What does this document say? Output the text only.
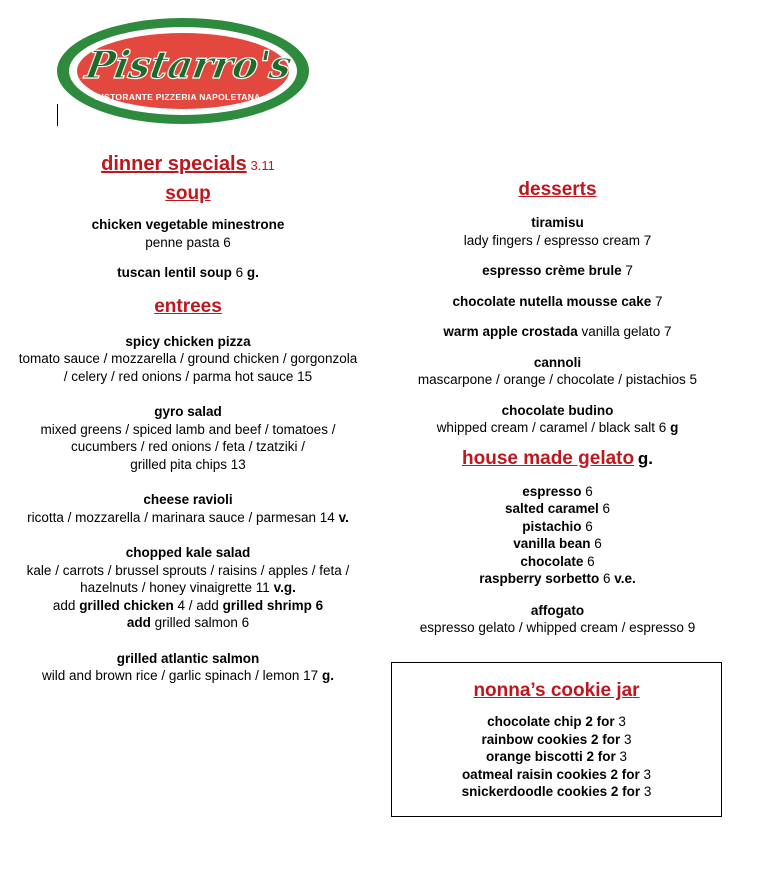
Pistarro's
RISTORANTE PIZZERIA NAPOLETANA
dinner specials 3.11
soup
chicken vegetable minestrone
penne pasta 6
tuscan lentil soup 6 g.
entrees
spicy chicken pizza
tomato sauce / mozzarella / ground chicken / gorgonzola
/ celery / red onions / parma hot sauce 15
gyro salad
mixed greens / spiced lamb and beef / tomatoes /
cucumbers / red onions / feta / tzatziki /
grilled pita chips 13
cheese ravioli
ricotta / mozzarella / marinara sauce / parmesan 14 v.
chopped kale salad
kale / carrots / brussel sprouts / raisins / apples / feta /
hazelnuts / honey vinaigrette 11 v.g.
add grilled chicken 4 / add grilled shrimp 6
add grilled salmon 6
grilled atlantic salmon
wild and brown rice / garlic spinach / lemon 17 g.
desserts
tiramisu
lady fingers / espresso cream 7
espresso crème brule 7
chocolate nutella mousse cake 7
warm apple crostada vanilla gelato 7
cannoli
mascarpone / orange / chocolate / pistachios 5
chocolate budino
whipped cream / caramel / black salt 6 g
house made gelato g.
espresso 6
salted caramel 6
pistachio 6
vanilla bean 6
chocolate 6
raspberry sorbetto 6 v.e.
affogato
espresso gelato / whipped cream / espresso 9
nonna’s cookie jar
chocolate chip 2 for 3
rainbow cookies 2 for 3
orange biscotti 2 for 3
oatmeal raisin cookies 2 for 3
snickerdoodle cookies 2 for 3
